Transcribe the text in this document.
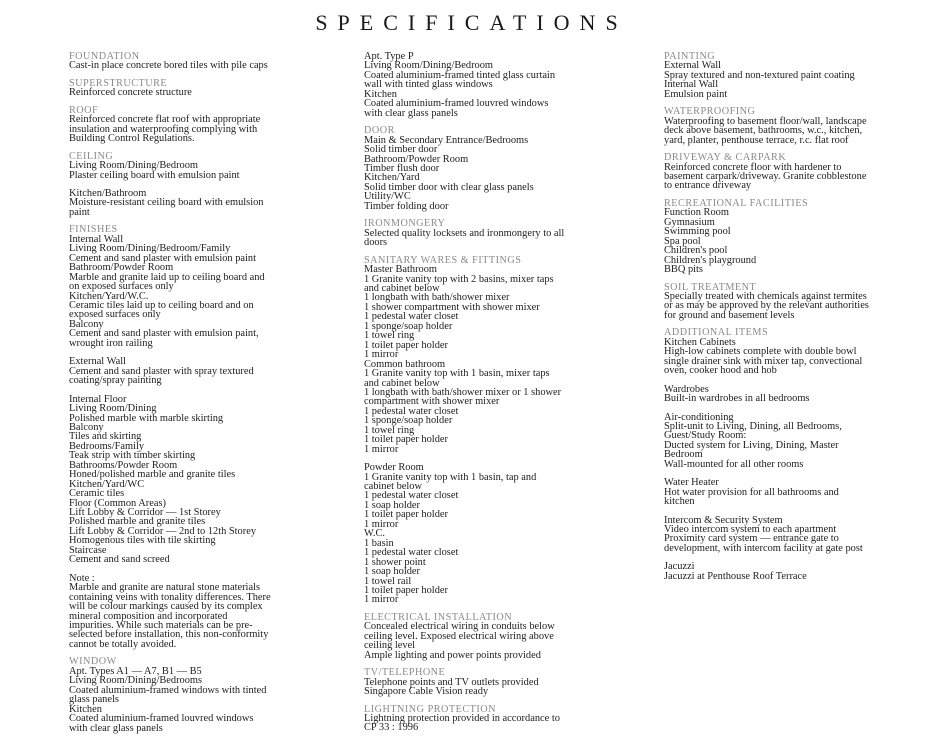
SPECIFICATIONS
FOUNDATION
Cast-in place concrete bored tiles with pile caps
SUPERSTRUCTURE
Reinforced concrete structure
ROOF
Reinforced concrete flat roof with appropriate
insulation and waterproofing complying with
Building Control Regulations.
CEILING
Living Room/Dining/Bedroom
Plaster ceiling board with emulsion paint
Kitchen/Bathroom
Moisture-resistant ceiling board with emulsion
paint
FINISHES
Internal Wall
Living Room/Dining/Bedroom/Family
Cement and sand plaster with emulsion paint
Bathroom/Powder Room
Marble and granite laid up to ceiling board and
on exposed surfaces only
Kitchen/Yard/W.C.
Ceramic tiles laid up to ceiling board and on
exposed surfaces only
Balcony
Cement and sand plaster with emulsion paint,
wrought iron railing
External Wall
Cement and sand plaster with spray textured
coating/spray painting
Internal Floor
Living Room/Dining
Polished marble with marble skirting
Balcony
Tiles and skirting
Bedrooms/Family
Teak strip with timber skirting
Bathrooms/Powder Room
Honed/polished marble and granite tiles
Kitchen/Yard/WC
Ceramic tiles
Floor (Common Areas)
Lift Lobby & Corridor — 1st Storey
Polished marble and granite tiles
Lift Lobby & Corridor — 2nd to 12th Storey
Homogenous tiles with tile skirting
Staircase
Cement and sand screed
Note :
Marble and granite are natural stone materials
containing veins with tonality differences. There
will be colour markings caused by its complex
mineral composition and incorporated
impurities. While such materials can be pre-
selected before installation, this non-conformity
cannot be totally avoided.
WINDOW
Apt. Types A1 — A7, B1 — B5
Living Room/Dining/Bedrooms
Coated aluminium-framed windows with tinted
glass panels
Kitchen
Coated aluminium-framed louvred windows
with clear glass panels
Apt. Type P
Living Room/Dining/Bedroom
Coated aluminium-framed tinted glass curtain
wall with tinted glass windows
Kitchen
Coated aluminium-framed louvred windows
with clear glass panels
DOOR
Main & Secondary Entrance/Bedrooms
Solid timber door
Bathroom/Powder Room
Timber flush door
Kitchen/Yard
Solid timber door with clear glass panels
Utility/WC
Timber folding door
IRONMONGERY
Selected quality locksets and ironmongery to all
doors
SANITARY WARES & FITTINGS
Master Bathroom
1 Granite vanity top with 2 basins, mixer taps
and cabinet below
1 longbath with bath/shower mixer
1 shower compartment with shower mixer
1 pedestal water closet
1 sponge/soap holder
1 towel ring
1 toilet paper holder
1 mirror
Common bathroom
1 Granite vanity top with 1 basin, mixer taps
and cabinet below
1 longbath with bath/shower mixer or 1 shower
compartment with shower mixer
1 pedestal water closet
1 sponge/soap holder
1 towel ring
1 toilet paper holder
1 mirror
Powder Room
1 Granite vanity top with 1 basin, tap and
cabinet below
1 pedestal water closet
1 soap holder
1 toilet paper holder
1 mirror
W.C.
1 basin
1 pedestal water closet
1 shower point
1 soap holder
1 towel rail
1 toilet paper holder
1 mirror
ELECTRICAL INSTALLATION
Concealed electrical wiring in conduits below
ceiling level. Exposed electrical wiring above
ceiling level
Ample lighting and power points provided
TV/TELEPHONE
Telephone points and TV outlets provided
Singapore Cable Vision ready
LIGHTNING PROTECTION
Lightning protection provided in accordance to
CP 33 : 1996
PAINTING
External Wall
Spray textured and non-textured paint coating
Internal Wall
Emulsion paint
WATERPROOFING
Waterproofing to basement floor/wall, landscape
deck above basement, bathrooms, w.c., kitchen,
yard, planter, penthouse terrace, r.c. flat roof
DRIVEWAY & CARPARK
Reinforced concrete floor with hardener to
basement carpark/driveway. Granite cobblestone
to entrance driveway
RECREATIONAL FACILITIES
Function Room
Gymnasium
Swimming pool
Spa pool
Children's pool
Children's playground
BBQ pits
SOIL TREATMENT
Specially treated with chemicals against termites
or as may be approved by the relevant authorities
for ground and basement levels
ADDITIONAL ITEMS
Kitchen Cabinets
High-low cabinets complete with double bowl
single drainer sink with mixer tap, convectional
oven, cooker hood and hob
Wardrobes
Built-in wardrobes in all bedrooms
Air-conditioning
Split-unit to Living, Dining, all Bedrooms,
Guest/Study Room:
Ducted system for Living, Dining, Master
Bedroom
Wall-mounted for all other rooms
Water Heater
Hot water provision for all bathrooms and
kitchen
Intercom & Security System
Video intercom system to each apartment
Proximity card system — entrance gate to
development, with intercom facility at gate post
Jacuzzi
Jacuzzi at Penthouse Roof Terrace
